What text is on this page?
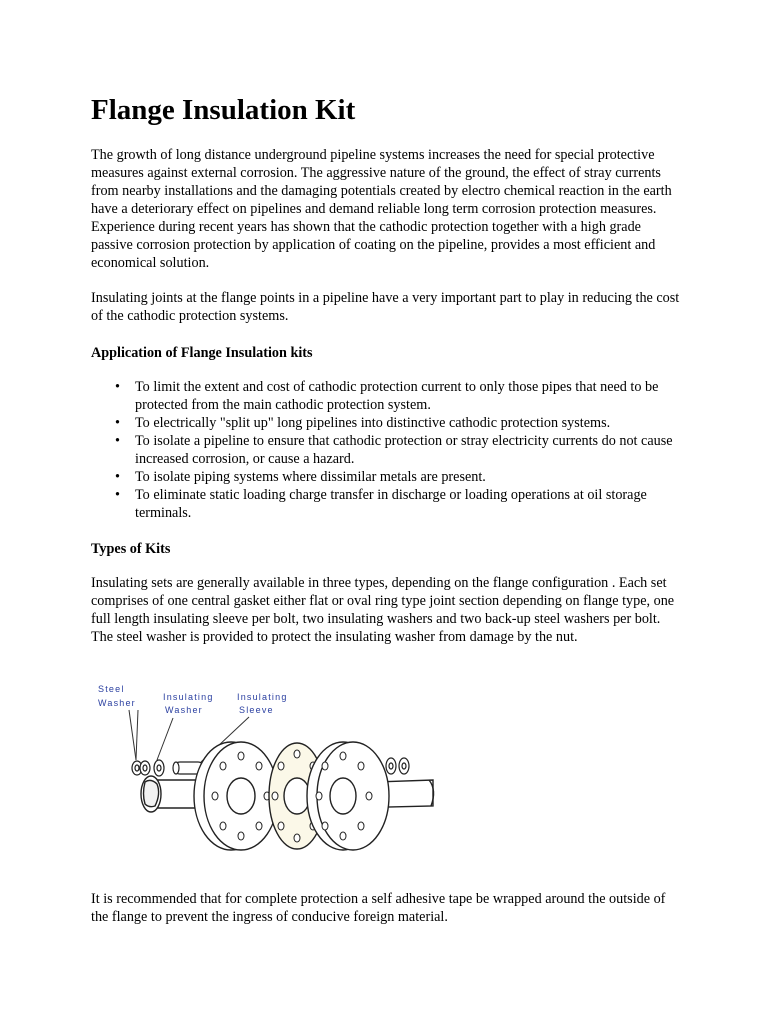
Flange Insulation Kit

The growth of long distance underground pipeline systems increases the need for special protective measures against external corrosion. The aggressive nature of the ground, the effect of stray currents from nearby installations and the damaging potentials created by electro chemical reaction in the earth have a deteriorary effect on pipelines and demand reliable long term corrosion protection measures. Experience during recent years has shown that the cathodic protection together with a high grade passive corrosion protection by application of coating on the pipeline, provides a most efficient and economical solution.

Insulating joints at the flange points in a pipeline have a very important part to play in reducing the cost of the cathodic protection systems.

Application of Flange Insulation kits

• To limit the extent and cost of cathodic protection current to only those pipes that need to be protected from the main cathodic protection system.
• To electrically "split up" long pipelines into distinctive cathodic protection systems.
• To isolate a pipeline to ensure that cathodic protection or stray electricity currents do not cause increased corrosion, or cause a hazard.
• To isolate piping systems where dissimilar metals are present.
• To eliminate static loading charge transfer in discharge or loading operations at oil storage terminals.

Types of Kits

Insulating sets are generally available in three types, depending on the flange configuration . Each set comprises of one central gasket either flat or oval ring type joint section depending on flange type, one full length insulating sleeve per bolt, two insulating washers and two back-up steel washers per bolt. The steel washer is provided to protect the insulating washer from damage by the nut.

It is recommended that for complete protection a self adhesive tape be wrapped around the outside of the flange to prevent the ingress of conducive foreign material.

Steel
Washer
Insulating
Washer
Insulating
Sleeve
